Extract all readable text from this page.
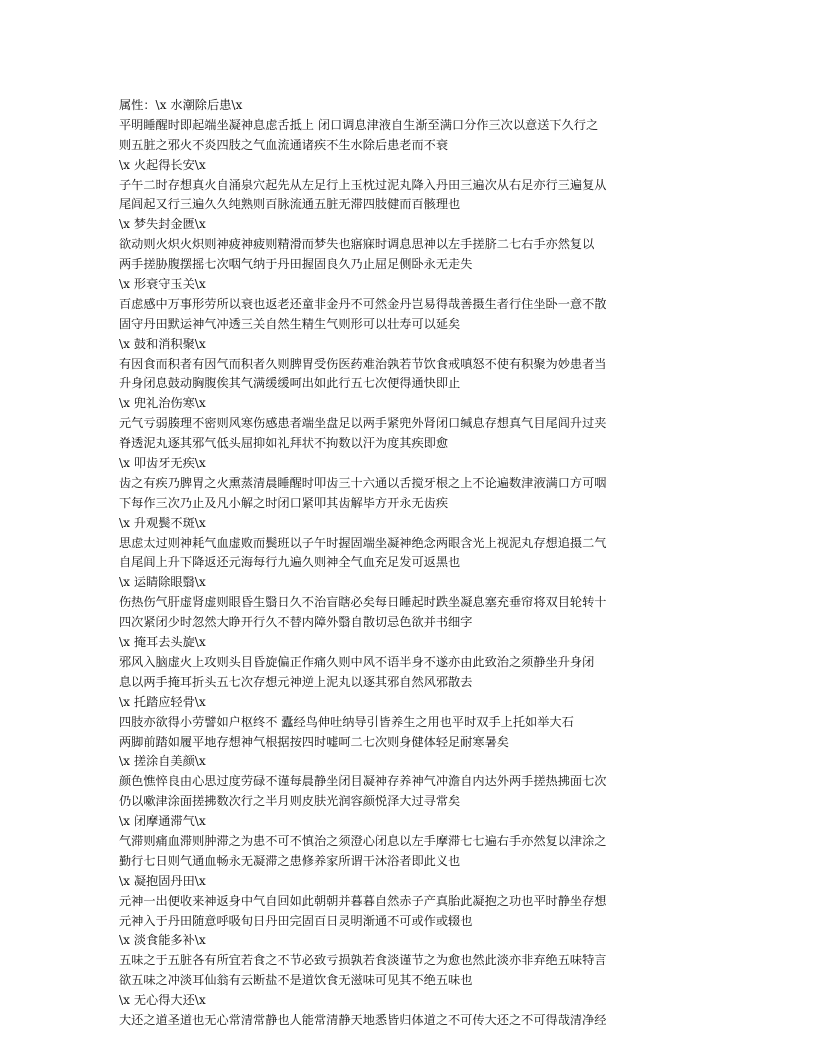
属性：\x 水潮除后患\x
平明睡醒时即起端坐凝神息虑舌抵上 闭口调息津液自生渐至满口分作三次以意送下久行之
则五脏之邪火不炎四肢之气血流通诸疾不生水除后患老而不衰
\x 火起得长安\x
子午二时存想真火自涌泉穴起先从左足行上玉枕过泥丸降入丹田三遍次从右足亦行三遍复从
尾闾起又行三遍久久纯熟则百脉流通五脏无滞四肢健而百骸理也
\x 梦失封金匮\x
欲动则火炽火炽则神疲神疲则精滑而梦失也寤寐时调息思神以左手搓脐二七右手亦然复以
两手搓胁腹摆摇七次咽气纳于丹田握固良久乃止屈足侧卧永无走失
\x 形衰守玉关\x
百虑感中万事形劳所以衰也返老还童非金丹不可然金丹岂易得哉善摄生者行住坐卧一意不散
固守丹田默运神气冲透三关自然生精生气则形可以壮寿可以延矣
\x 鼓和消积聚\x
有因食而积者有因气而积者久则脾胃受伤医药难治孰若节饮食戒嗔怒不使有积聚为妙患者当
升身闭息鼓动胸腹俟其气满缓缓呵出如此行五七次便得通快即止
\x 兜礼治伤寒\x
元气亏弱腠理不密则风寒伤感患者端坐盘足以两手紧兜外肾闭口缄息存想真气目尾闾升过夹
脊透泥丸逐其邪气低头屈抑如礼拜状不拘数以汗为度其疾即愈
\x 叩齿牙无疾\x
齿之有疾乃脾胃之火熏蒸清晨睡醒时叩齿三十六通以舌搅牙根之上不论遍数津液满口方可咽
下每作三次乃止及凡小解之时闭口紧叩其齿解毕方开永无齿疾
\x 升观鬓不斑\x
思虑太过则神耗气血虚败而鬓班以子午时握固端坐凝神绝念两眼含光上视泥丸存想追摄二气
自尾闾上升下降返还元海每行九遍久则神全气血充足发可返黑也
\x 运睛除眼翳\x
伤热伤气肝虚肾虚则眼昏生翳日久不治盲瞎必矣每日睡起时跌坐凝息塞充垂帘将双目轮转十
四次紧闭少时忽然大睁开行久不替内障外翳自散切忌色欲并书细字
\x 掩耳去头旋\x
邪风入脑虚火上攻则头目昏旋偏正作痛久则中风不语半身不遂亦由此致治之须静坐升身闭
息以两手掩耳折头五七次存想元神逆上泥丸以逐其邪自然风邪散去
\x 托踏应轻骨\x
四肢亦欲得小劳譬如户枢终不 蠹经鸟伸吐纳导引皆养生之用也平时双手上托如举大石
两脚前踏如履平地存想神气根据按四时嘘呵二七次则身健体轻足耐寒暑矣
\x 搓涂自美颜\x
颜色憔悴良由心思过度劳碌不谨每晨静坐闭目凝神存养神气冲澹自内达外两手搓热拂面七次
仍以嗽津涂面搓拂数次行之半月则皮肤光润容颜悦泽大过寻常矣
\x 闭摩通滞气\x
气滞则痛血滞则肿滞之为患不可不慎治之须澄心闭息以左手摩滞七七遍右手亦然复以津涂之
勤行七日则气通血畅永无凝滞之患修养家所谓干沐浴者即此义也
\x 凝抱固丹田\x
元神一出便收来神返身中气自回如此朝朝并暮暮自然赤子产真胎此凝抱之功也平时静坐存想
元神入于丹田随意呼吸旬日丹田完固百日灵明渐通不可或作或辍也
\x 淡食能多补\x
五味之于五脏各有所宜若食之不节必致亏损孰若食淡谨节之为愈也然此淡亦非弃绝五味特言
欲五味之冲淡耳仙翁有云断盐不是道饮食无滋味可见其不绝五味也
\x 无心得大还\x
大还之道圣道也无心常清常静也人能常清静天地悉皆归体道之不可传大还之不可得哉清净经
